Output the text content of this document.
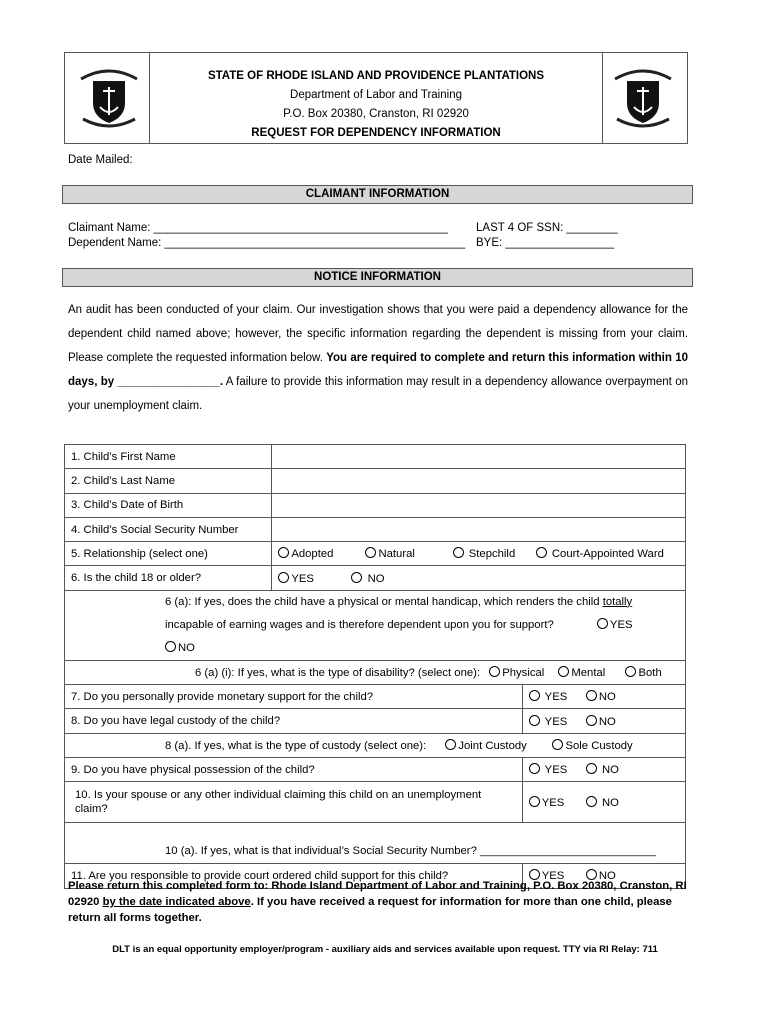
STATE OF RHODE ISLAND AND PROVIDENCE PLANTATIONS
Department of Labor and Training
P.O. Box 20380, Cranston, RI 02920
REQUEST FOR DEPENDENCY INFORMATION
Date Mailed:
CLAIMANT INFORMATION
Claimant Name: ______________________________________________
Dependent Name: _______________________________________________
LAST 4 OF SSN: ________
BYE: _________________
NOTICE INFORMATION
An audit has been conducted of your claim. Our investigation shows that you were paid a dependency allowance for the dependent child named above; however, the specific information regarding the dependent is missing from your claim. Please complete the requested information below. You are required to complete and return this information within 10 days, by ________________. A failure to provide this information may result in a dependency allowance overpayment on your unemployment claim.
1. Child’s First Name		
2. Child’s Last Name		
3. Child’s Date of Birth		
4. Child’s Social Security Number		
5. Relationship (select one)	Adopted Natural Stepchild Court-Appointed Ward	
6. Is the child 18 or older?	YES NO	

6 (a): If yes, does the child have a physical or mental handicap, which renders the child totally
incapable of earning wages and is therefore dependent upon you for support? YES NO		

6 (a) (i): If yes, what is the type of disability? (select one): Physical Mental Both		
7. Do you personally provide monetary support for the child?		YES NO
8. Do you have legal custody of the child?		YES NO
8 (a). If yes, what is the type of custody (select one): Joint Custody Sole Custody		
9. Do you have physical possession of the child?		YES NO
10. Is your spouse or any other individual claiming this child on an unemployment claim?		YES NO
10 (a). If yes, what is that individual’s Social Security Number? ____________________________		
11. Are you responsible to provide court ordered child support for this child?		YES NO
Please return this completed form to: Rhode Island Department of Labor and Training, P.O. Box 20380, Cranston, RI 02920 by the date indicated above. If you have received a request for information for more than one child, please return all forms together.
DLT is an equal opportunity employer/program - auxiliary aids and services available upon request. TTY via RI Relay: 711
